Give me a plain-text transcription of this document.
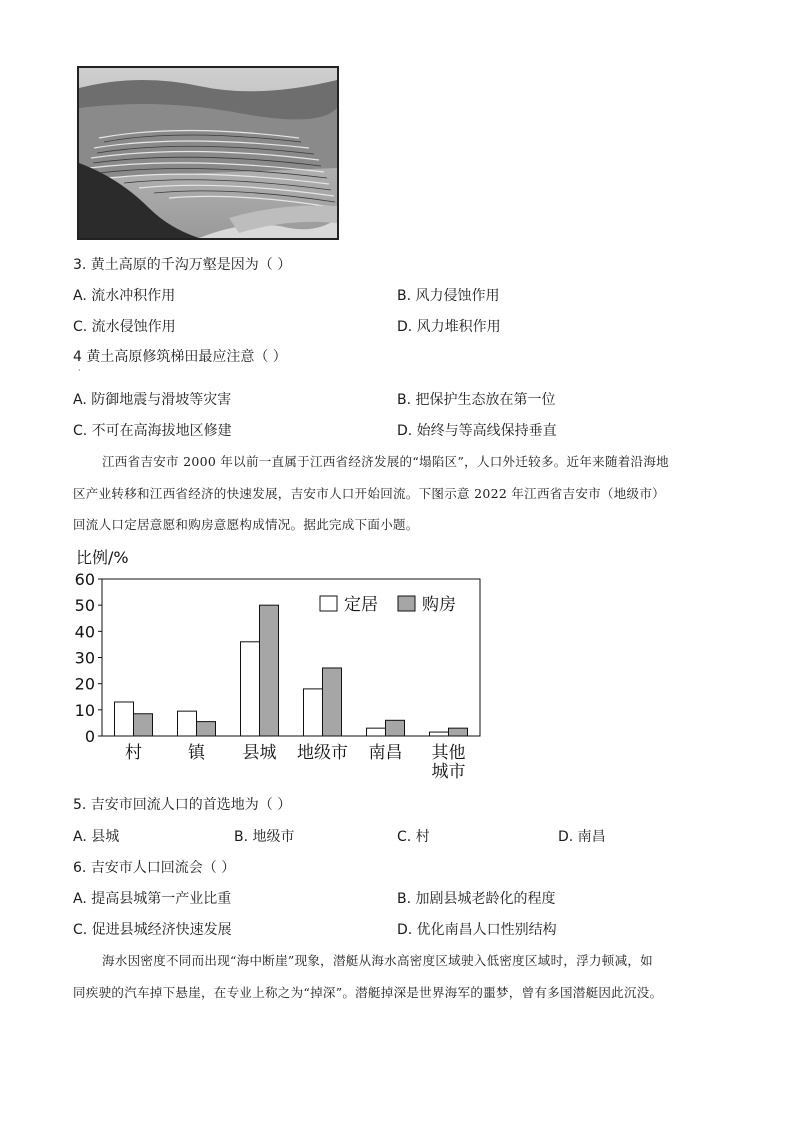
3. 黄土高原的千沟万壑是因为（ ）
A. 流水冲积作用	B. 风力侵蚀作用
C. 流水侵蚀作用	D. 风力堆积作用
4 黄土高原修筑梯田最应注意（ ）
·
A. 防御地震与滑坡等灾害	B. 把保护生态放在第一位
C. 不可在高海拔地区修建	D. 始终与等高线保持垂直
江西省吉安市 2000 年以前一直属于江西省经济发展的“塌陷区”，人口外迁较多。近年来随着沿海地
区产业转移和江西省经济的快速发展，吉安市人口开始回流。下图示意 2022 年江西省吉安市（地级市）
回流人口定居意愿和购房意愿构成情况。据此完成下面小题。
比例/%
0
10
20
30
40
50
60
村	镇 县城 地级市 南昌 其他
城市
定居	购房
5. 吉安市回流人口的首选地为（ ）
A. 县城	B. 地级市	C. 村	D. 南昌
6. 吉安市人口回流会（ ）
A. 提高县城第一产业比重	B. 加剧县城老龄化的程度
C. 促进县城经济快速发展	D. 优化南昌人口性别结构
海水因密度不同而出现“海中断崖”现象，潜艇从海水高密度区域驶入低密度区域时，浮力顿减，如
同疾驶的汽车掉下悬崖，在专业上称之为“掉深”。潜艇掉深是世界海军的噩梦，曾有多国潜艇因此沉没。
